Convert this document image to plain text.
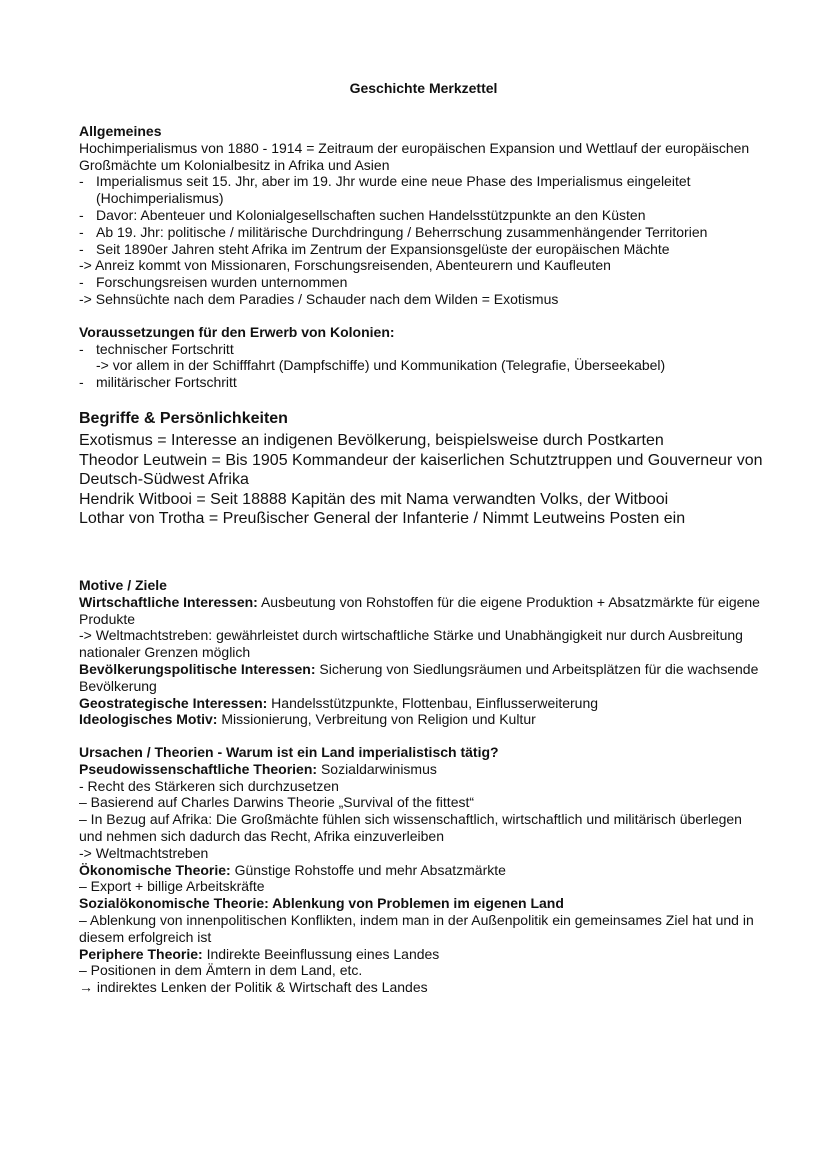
Geschichte Merkzettel
Allgemeines
Hochimperialismus von 1880 - 1914 = Zeitraum der europäischen Expansion und Wettlauf der europäischen Großmächte um Kolonialbesitz in Afrika und Asien
- Imperialismus seit 15. Jhr, aber im 19. Jhr wurde eine neue Phase des Imperialismus eingeleitet (Hochimperialismus)
- Davor: Abenteuer und Kolonialgesellschaften suchen Handelsstützpunkte an den Küsten
- Ab 19. Jhr: politische / militärische Durchdringung / Beherrschung zusammenhängender Territorien
- Seit 1890er Jahren steht Afrika im Zentrum der Expansionsgelüste der europäischen Mächte
-> Anreiz kommt von Missionaren, Forschungsreisenden, Abenteurern und Kaufleuten
- Forschungsreisen wurden unternommen
-> Sehnsüchte nach dem Paradies / Schauder nach dem Wilden = Exotismus
Voraussetzungen für den Erwerb von Kolonien:
- technischer Fortschritt
-> vor allem in der Schifffahrt (Dampfschiffe) und Kommunikation (Telegrafie, Überseekabel)
- militärischer Fortschritt
Begriffe & Persönlichkeiten
Exotismus = Interesse an indigenen Bevölkerung, beispielsweise durch Postkarten
Theodor Leutwein = Bis 1905 Kommandeur der kaiserlichen Schutztruppen und Gouverneur von Deutsch-Südwest Afrika
Hendrik Witbooi = Seit 18888 Kapitän des mit Nama verwandten Volks, der Witbooi
Lothar von Trotha = Preußischer General der Infanterie / Nimmt Leutweins Posten ein
Motive / Ziele
Wirtschaftliche Interessen: Ausbeutung von Rohstoffen für die eigene Produktion + Absatzmärkte für eigene Produkte
-> Weltmachtstreben: gewährleistet durch wirtschaftliche Stärke und Unabhängigkeit nur durch Ausbreitung nationaler Grenzen möglich
Bevölkerungspolitische Interessen: Sicherung von Siedlungsräumen und Arbeitsplätzen für die wachsende Bevölkerung
Geostrategische Interessen: Handelsstützpunkte, Flottenbau, Einflusserweiterung
Ideologisches Motiv: Missionierung, Verbreitung von Religion und Kultur
Ursachen / Theorien - Warum ist ein Land imperialistisch tätig?
Pseudowissenschaftliche Theorien: Sozialdarwinismus
- Recht des Stärkeren sich durchzusetzen
– Basierend auf Charles Darwins Theorie „Survival of the fittest“
– In Bezug auf Afrika: Die Großmächte fühlen sich wissenschaftlich, wirtschaftlich und militärisch überlegen und nehmen sich dadurch das Recht, Afrika einzuverleiben
-> Weltmachtstreben
Ökonomische Theorie: Günstige Rohstoffe und mehr Absatzmärkte
– Export + billige Arbeitskräfte
Sozialökonomische Theorie: Ablenkung von Problemen im eigenen Land
– Ablenkung von innenpolitischen Konflikten, indem man in der Außenpolitik ein gemeinsames Ziel hat und in diesem erfolgreich ist
Periphere Theorie: Indirekte Beeinflussung eines Landes
– Positionen in dem Ämtern in dem Land, etc.
→ indirektes Lenken der Politik & Wirtschaft des Landes
